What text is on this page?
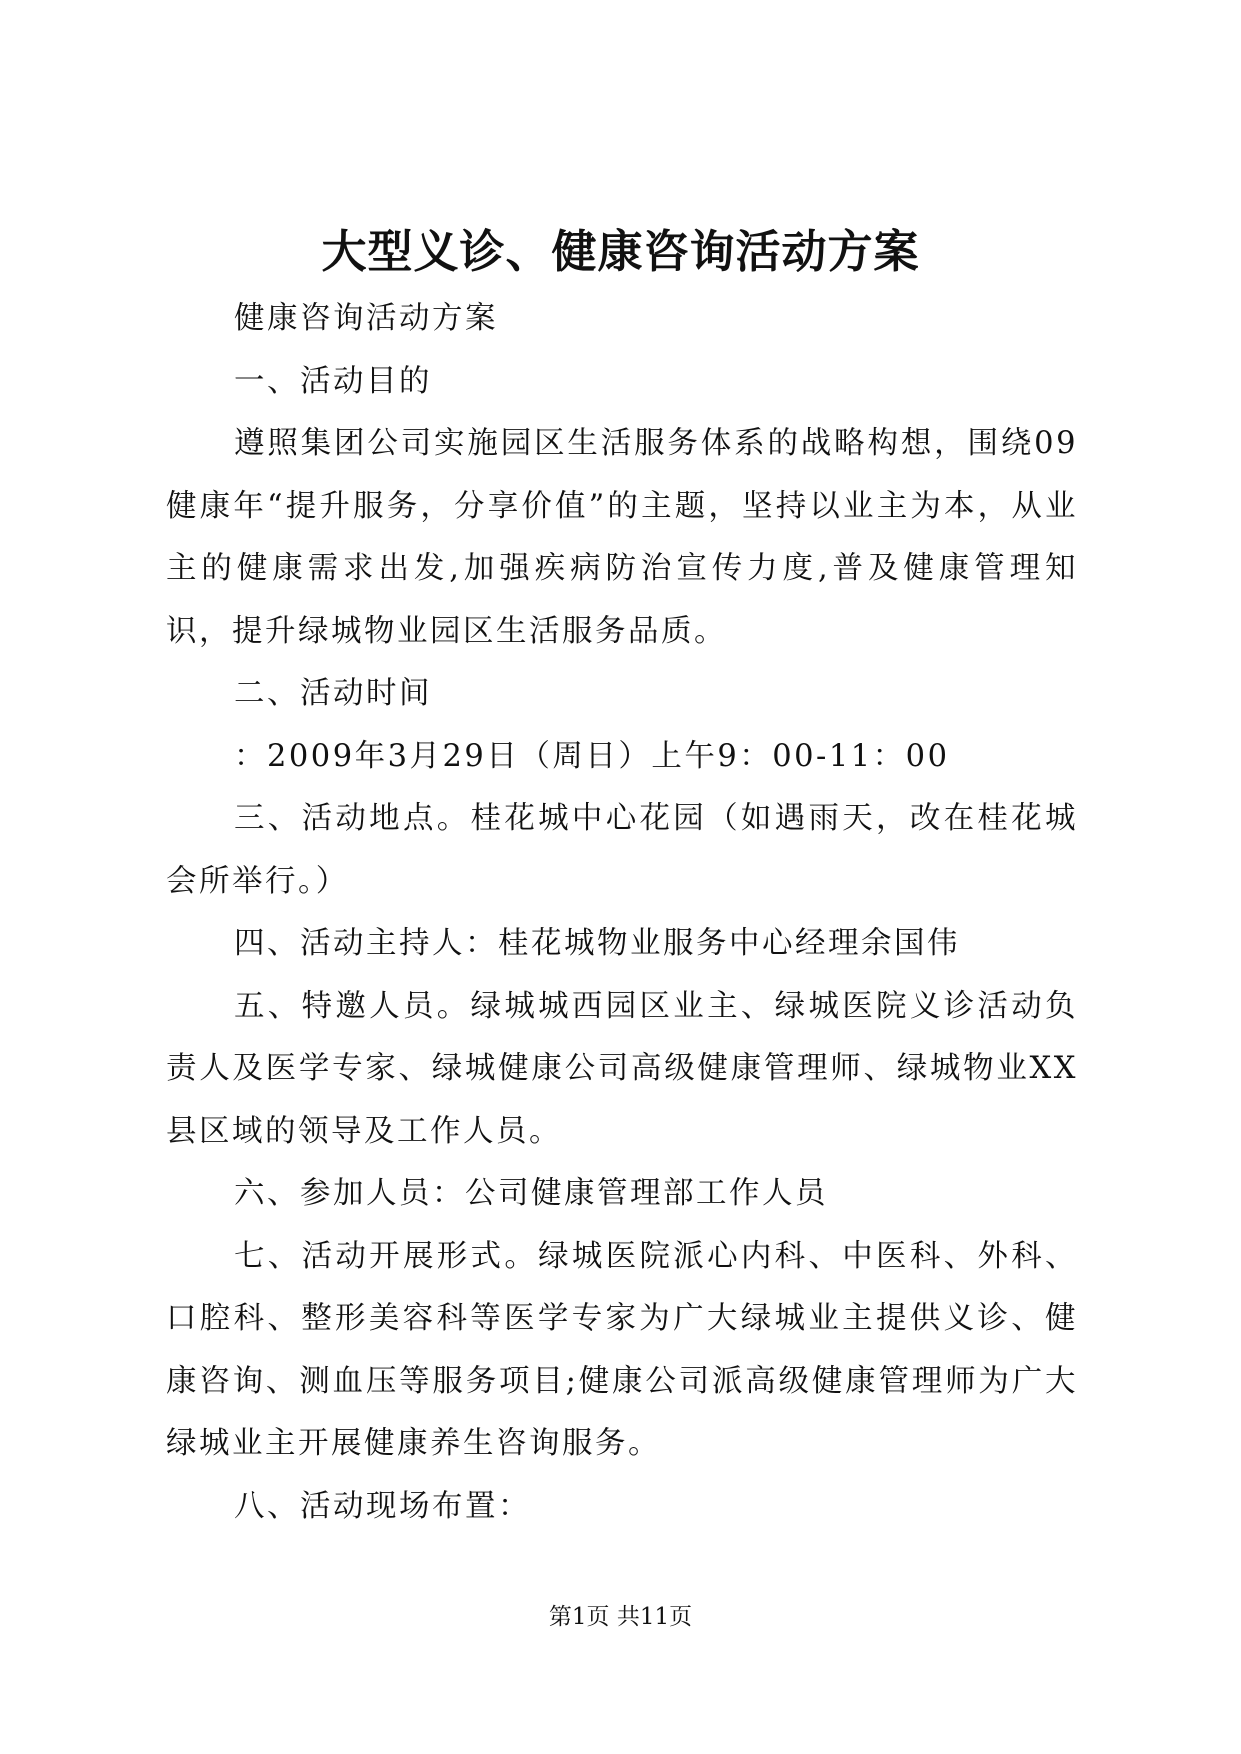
大型义诊、健康咨询活动方案

健康咨询活动方案

一、活动目的

遵照集团公司实施园区生活服务体系的战略构想，围绕09健康年“提升服务，分享价值”的主题，坚持以业主为本，从业主的健康需求出发,加强疾病防治宣传力度,普及健康管理知识，提升绿城物业园区生活服务品质。

二、活动时间

：2009年3月29日（周日）上午9：00-11：00

三、活动地点。桂花城中心花园（如遇雨天，改在桂花城会所举行。）

四、活动主持人：桂花城物业服务中心经理余国伟

五、特邀人员。绿城城西园区业主、绿城医院义诊活动负责人及医学专家、绿城健康公司高级健康管理师、绿城物业XX县区域的领导及工作人员。

六、参加人员：公司健康管理部工作人员

七、活动开展形式。绿城医院派心内科、中医科、外科、口腔科、整形美容科等医学专家为广大绿城业主提供义诊、健康咨询、测血压等服务项目;健康公司派高级健康管理师为广大绿城业主开展健康养生咨询服务。

八、活动现场布置：

第1页 共11页
